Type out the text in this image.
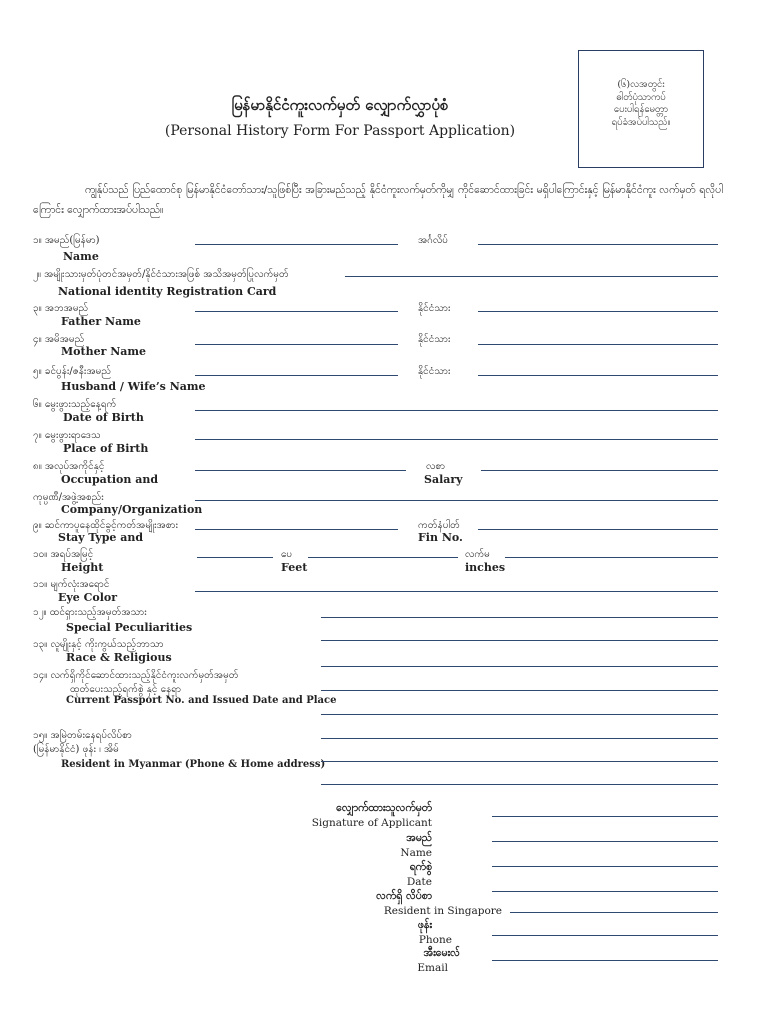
(၆)လအတွင်း
ဓါတ်ပုံသာကပ်
ပေးပါရန်မေတ္တာ
ရပ်ခံအပ်ပါသည်။
မြန်မာနိုင်ငံကူးလက်မှတ် လျှောက်လွှာပုံစံ
(Personal History Form For Passport Application)
ကျွန်ုပ်သည် ပြည်ထောင်စု မြန်မာနိုင်ငံတော်သား/သူဖြစ်ပြီး အခြားမည်သည့် နိုင်ငံကူးလက်မှတ်ကိုမျှ ကိုင်ဆောင်ထားခြင်း မရှိပါကြောင်းနှင့် မြန်မာနိုင်ငံကူး လက်မှတ် ရလိုပါကြောင်း လျှောက်ထားအပ်ပါသည်။
၁။ အမည်(မြန်မာ)	အင်္ဂလိပ်
Name
၂။ အမျိုးသားမှတ်ပုံတင်အမှတ်/နိုင်ငံသားအဖြစ် အသိအမှတ်ပြုလက်မှတ်
National identity Registration Card
၃။ အဘအမည်	နိုင်ငံသား
Father Name
၄။ အမိအမည်	နိုင်ငံသား
Mother Name
၅။ ခင်ပွန်း/ဇနီးအမည်	နိုင်ငံသား
Husband / Wife’s Name
၆။ မွေးဖွားသည့်နေ့ရက်
Date of Birth
၇။ မွေးဖွားရာဒေသ
Place of Birth
၈။ အလုပ်အကိုင်နှင့်	လစာ
Occupation and	Salary
ကုမ္ပဏီ/အဖွဲ့အစည်း
Company/Organization
၉။ ဆင်ကာပူနေထိုင်ခွင့်ကတ်အမျိုးအစား	ကတ်နံပါတ်
Stay Type and	Fin No.
၁၀။ အရပ်အမြင့်	ပေ	လက်မ
Height	Feet	inches
၁၁။ မျက်လုံးအရောင်
Eye Color
၁၂။ ထင်ရှားသည့်အမှတ်အသား
Special Peculiarities
၁၃။ လူမျိုးနှင့် ကိုးကွယ်သည့်ဘာသာ
Race & Religious
၁၄။ လက်ရှိကိုင်ဆောင်ထားသည့်နိုင်ငံကူးလက်မှတ်အမှတ်
ထုတ်ပေးသည့်ရက်စွဲ နှင့် နေရာ
Current Passport No. and Issued Date and Place
၁၅။ အမြဲတမ်းနေရပ်လိပ်စာ
(မြန်မာနိုင်ငံ) ဖုန်း ၊ အိမ်
Resident in Myanmar (Phone & Home address)
လျှောက်ထားသူလက်မှတ်
Signature of Applicant
အမည်
Name
ရက်စွဲ
Date
လက်ရှိ လိပ်စာ
Resident in Singapore
ဖုန်း
Phone
အီးမေးလ်
Email
